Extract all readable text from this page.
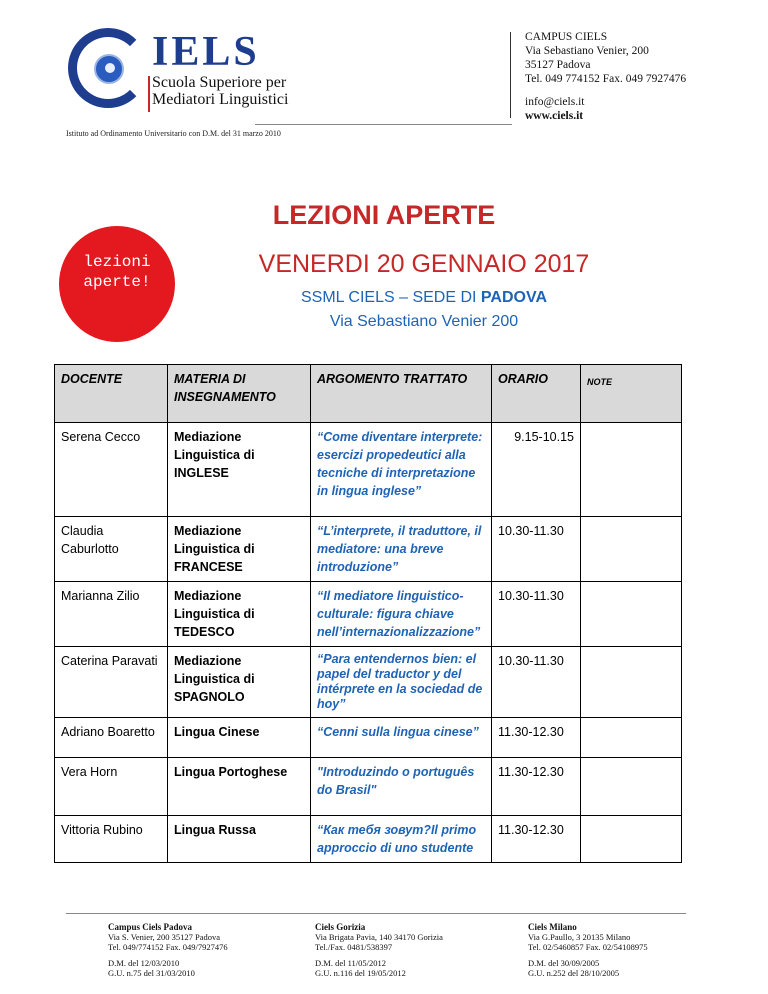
IELS
Scuola Superiore per
Mediatori Linguistici
Istituto ad Ordinamento Universitario con D.M. del 31 marzo 2010
CAMPUS CIELS
Via Sebastiano Venier, 200
35127 Padova
Tel. 049 774152 Fax. 049 7927476
info@ciels.it
www.ciels.it
LEZIONI APERTE
lezioni
aperte!
VENERDI 20 GENNAIO 2017
SSML CIELS – SEDE DI PADOVA
Via Sebastiano Venier 200
DOCENTE	MATERIA DI INSEGNAMENTO	ARGOMENTO TRATTATO	ORARIO	NOTE
Serena Cecco	Mediazione Linguistica di INGLESE	“Come diventare interprete: esercizi propedeutici alla tecniche di interpretazione in lingua inglese”	9.15-10.15	
Claudia Caburlotto	Mediazione Linguistica di FRANCESE	“L’interprete, il traduttore, il mediatore: una breve introduzione”	10.30-11.30	
Marianna Zilio	Mediazione Linguistica di TEDESCO	“Il mediatore linguistico-culturale: figura chiave nell’internazionalizzazione”	10.30-11.30	
Caterina Paravati	Mediazione Linguistica di SPAGNOLO	“Para entendernos bien: el papel del traductor y del intérprete en la sociedad de hoy”	10.30-11.30	
Adriano Boaretto	Lingua Cinese	“Cenni sulla lingua cinese”	11.30-12.30	
Vera Horn	Lingua Portoghese	"Introduzindo o português do Brasil"	11.30-12.30	
Vittoria Rubino	Lingua Russa	“Как тебя зовут?Il primo approccio di uno studente	11.30-12.30	
Campus Ciels Padova
Via S. Venier, 200 35127 Padova
Tel. 049/774152 Fax. 049/7927476
D.M. del 12/03/2010
G.U. n.75 del 31/03/2010
Ciels Gorizia
Via Brigata Pavia, 140 34170 Gorizia
Tel./Fax. 0481/538397
D.M. del 11/05/2012
G.U. n.116 del 19/05/2012
Ciels Milano
Via G.Paullo, 3 20135 Milano
Tel. 02/5460857 Fax. 02/54108975
D.M. del 30/09/2005
G.U. n.252 del 28/10/2005
